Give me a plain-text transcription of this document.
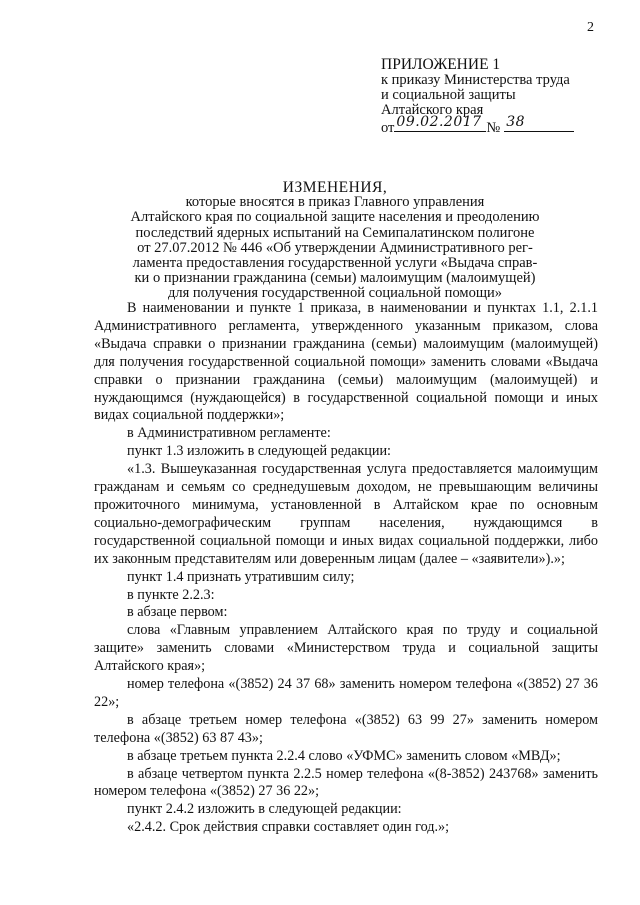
2
ПРИЛОЖЕНИЕ 1
к приказу Министерства труда
и социальной защиты
Алтайского края
от 09.02.2017 № 38
ИЗМЕНЕНИЯ,
которые вносятся в приказ Главного управления
Алтайского края по социальной защите населения и преодолению
последствий ядерных испытаний на Семипалатинском полигоне
от 27.07.2012 № 446 «Об утверждении Административного рег-
ламента предоставления государственной услуги «Выдача справ-
ки о признании гражданина (семьи) малоимущим (малоимущей)
для получения государственной социальной помощи»

В наименовании и пункте 1 приказа, в наименовании и пунктах 1.1, 2.1.1 Административного регламента, утвержденного указанным приказом, слова «Выдача справки о признании гражданина (семьи) малоимущим (малоимущей) для получения государственной социальной помощи» заменить словами «Выдача справки о признании гражданина (семьи) малоимущим (малоимущей) и нуждающимся (нуждающейся) в государственной социальной помощи и иных видах социальной поддержки»;

в Административном регламенте:

пункт 1.3 изложить в следующей редакции:

«1.3. Вышеуказанная государственная услуга предоставляется малоимущим гражданам и семьям со среднедушевым доходом, не превышающим величины прожиточного минимума, установленной в Алтайском крае по основным социально-демографическим группам населения, нуждающимся в государственной социальной помощи и иных видах социальной поддержки, либо их законным представителям или доверенным лицам (далее – «заявители»).»;

пункт 1.4 признать утратившим силу;

в пункте 2.2.3:

в абзаце первом:

слова «Главным управлением Алтайского края по труду и социальной защите» заменить словами «Министерством труда и социальной защиты Алтайского края»;

номер телефона «(3852) 24 37 68» заменить номером телефона «(3852) 27 36 22»;

в абзаце третьем номер телефона «(3852) 63 99 27» заменить номером телефона «(3852) 63 87 43»;

в абзаце третьем пункта 2.2.4 слово «УФМС» заменить словом «МВД»;

в абзаце четвертом пункта 2.2.5 номер телефона «(8-3852) 243768» заменить номером телефона «(3852) 27 36 22»;

пункт 2.4.2 изложить в следующей редакции:

«2.4.2. Срок действия справки составляет один год.»;
